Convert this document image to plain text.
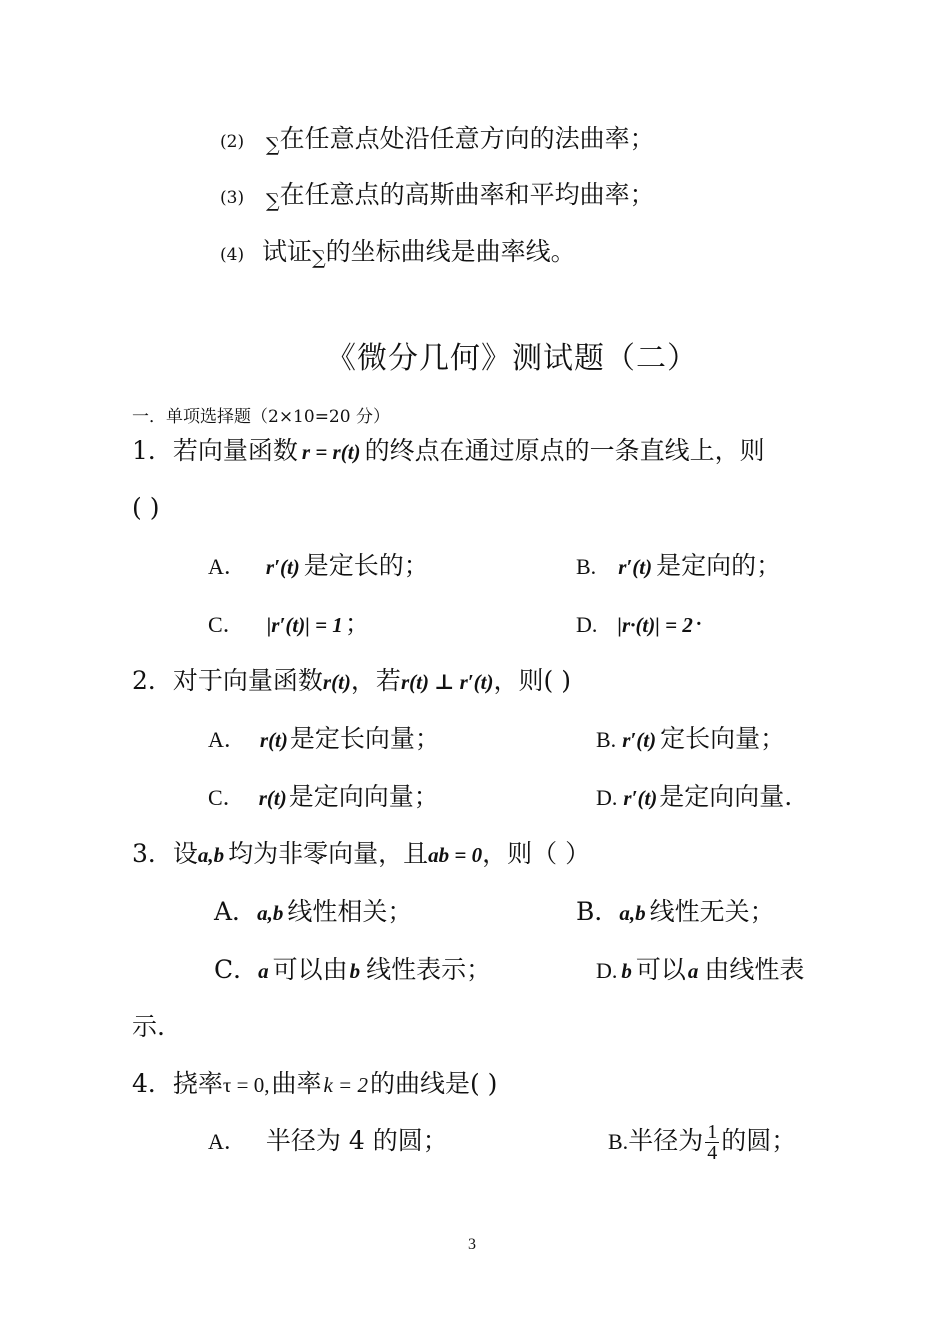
(2) ∑在任意点处沿任意方向的法曲率；
(3) ∑在任意点的高斯曲率和平均曲率；
(4) 试证∑的坐标曲线是曲率线。
《微分几何》测试题（二）
一．单项选择题（2×10=20 分）
1．若向量函数 r = r(t) 的终点在通过原点的一条直线上，则
( )
A． r′(t) 是定长的；	B. r′(t) 是定向的；
C． |r′(t)| = 1；	D. |r·(t)| = 2·
2．对于向量函数r(t)，若r(t) ⊥ r′(t)，则( )
A． r(t)是定长向量；	B. r′(t) 定长向量；
C． r(t)是定向向量；	D. r′(t)是定向向量.
3．设a,b 均为非零向量，且ab = 0，则（ ）
A．a,b 线性相关；	B．a,b 线性无关；
C．a 可以由b 线性表示；	D. b 可以a 由线性表
示.
4．挠率τ = 0,曲率k = 2的曲线是( )
A． 半径为 4 的圆；	B.半径为 $\frac{1}{4}$ 的圆；
3
